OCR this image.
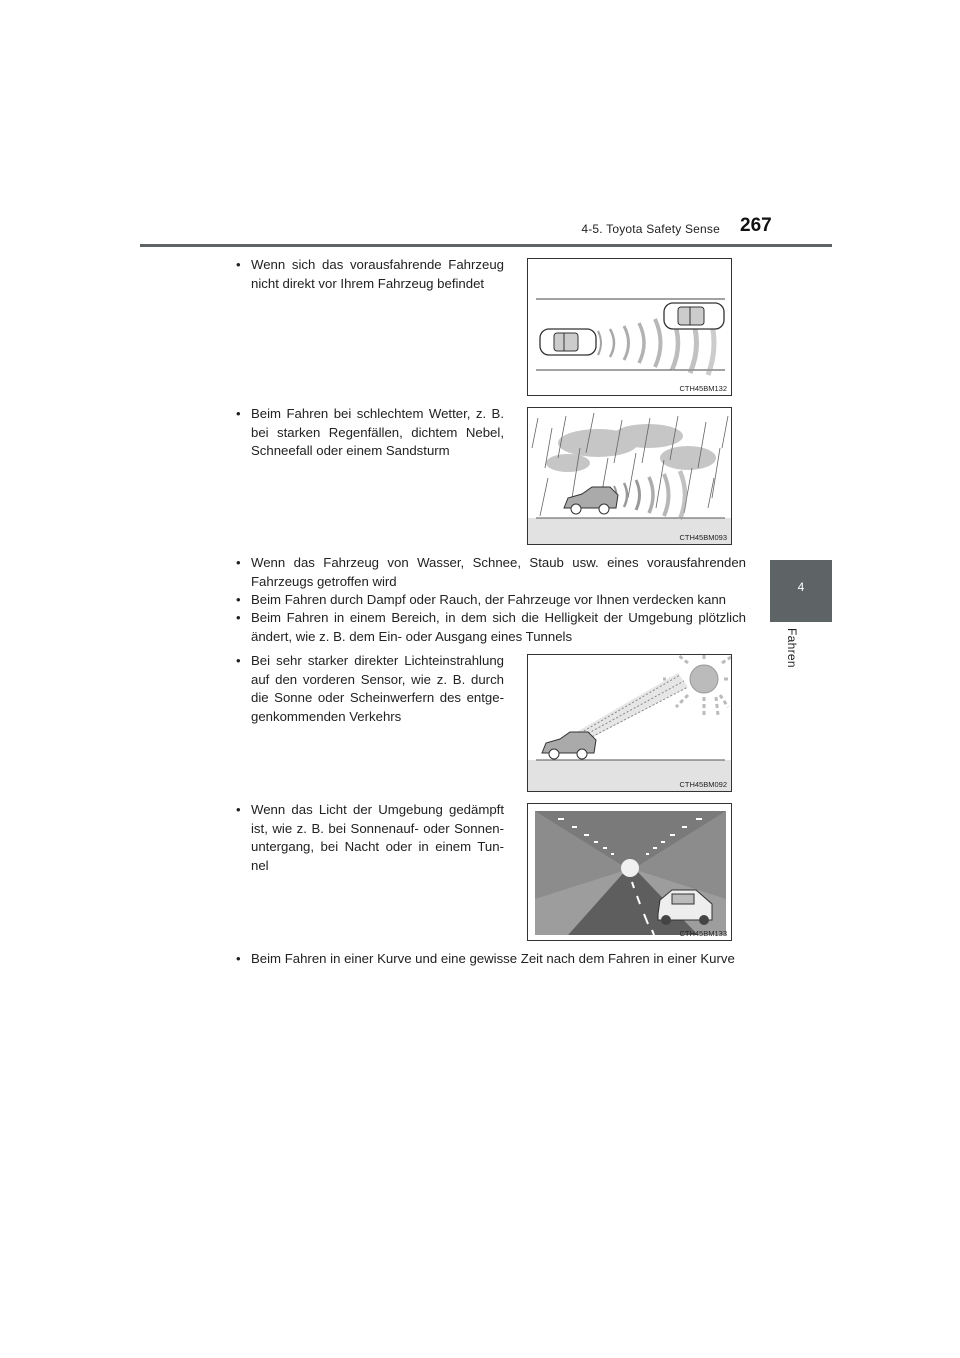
4-5. Toyota Safety Sense 267
4
Fahren
• Wenn sich das vorausfahrende Fahrzeug nicht direkt vor Ihrem Fahrzeug befindet
CTH45BM132
• Beim Fahren bei schlechtem Wetter, z. B. bei starken Regenfällen, dichtem Nebel, Schneefall oder einem Sandsturm
CTH45BM093
• Wenn das Fahrzeug von Wasser, Schnee, Staub usw. eines vorausfahrenden Fahrzeugs getroffen wird
• Beim Fahren durch Dampf oder Rauch, der Fahrzeuge vor Ihnen verdecken kann
• Beim Fahren in einem Bereich, in dem sich die Helligkeit der Umgebung plötzlich ändert, wie z. B. dem Ein- oder Ausgang eines Tunnels
• Bei sehr starker direkter Lichteinstrahlung auf den vorderen Sensor, wie z. B. durch die Sonne oder Scheinwerfern des entge-genkommenden Verkehrs
CTH45BM092
• Wenn das Licht der Umgebung gedämpft ist, wie z. B. bei Sonnenauf- oder Sonnen-untergang, bei Nacht oder in einem Tun-nel
CTH45BM133
• Beim Fahren in einer Kurve und eine gewisse Zeit nach dem Fahren in einer Kurve
